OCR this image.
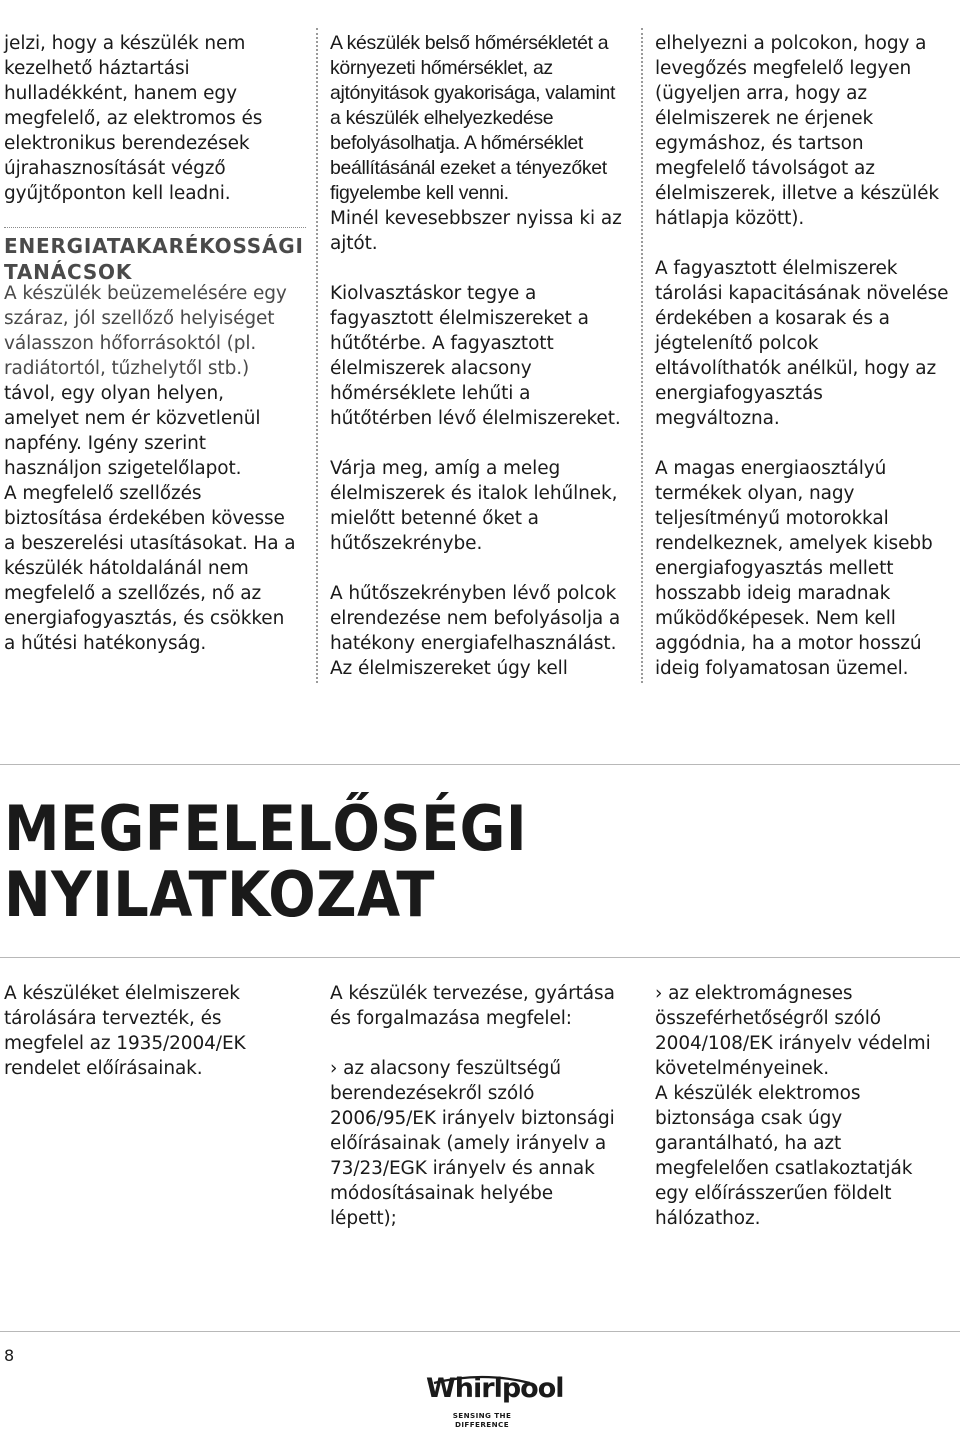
jelzi, hogy a készülék nem
kezelhető háztartási
hulladékként, hanem egy
megfelelő, az elektromos és
elektronikus berendezések
újrahasznosítását végző
gyűjtőponton kell leadni.

ENERGIATAKARÉKOSSÁGI
TANÁCSOK

A készülék beüzemelésére egy
száraz, jól szellőző helyiséget
válasszon hőforrásoktól (pl.
radiátortól, tűzhelytől stb.)

távol, egy olyan helyen,
amelyet nem ér közvetlenül
napfény. Igény szerint
használjon szigetelőlapot.
A megfelelő szellőzés
biztosítása érdekében kövesse
a beszerelési utasításokat. Ha a
készülék hátoldalánál nem
megfelelő a szellőzés, nő az
energiafogyasztás, és csökken
a hűtési hatékonyság.

A készülék belső hőmérsékletét a
környezeti hőmérséklet, az
ajtónyitások gyakorisága, valamint
a készülék elhelyezkedése
befolyásolhatja. A hőmérséklet
beállításánál ezeket a tényezőket
figyelembe kell venni.

Minél kevesebbszer nyissa ki az
ajtót.

Kiolvasztáskor tegye a
fagyasztott élelmiszereket a
hűtőtérbe. A fagyasztott
élelmiszerek alacsony
hőmérséklete lehűti a
hűtőtérben lévő élelmiszereket.

Várja meg, amíg a meleg
élelmiszerek és italok lehűlnek,
mielőtt betenné őket a
hűtőszekrénybe.

A hűtőszekrényben lévő polcok
elrendezése nem befolyásolja a
hatékony energiafelhasználást.
Az élelmiszereket úgy kell

elhelyezni a polcokon, hogy a
levegőzés megfelelő legyen
(ügyeljen arra, hogy az
élelmiszerek ne érjenek
egymáshoz, és tartson
megfelelő távolságot az
élelmiszerek, illetve a készülék
hátlapja között).

A fagyasztott élelmiszerek
tárolási kapacitásának növelése
érdekében a kosarak és a
jégtelenítő polcok
eltávolíthatók anélkül, hogy az
energiafogyasztás
megváltozna.

A magas energiaosztályú
termékek olyan, nagy
teljesítményű motorokkal
rendelkeznek, amelyek kisebb
energiafogyasztás mellett
hosszabb ideig maradnak
működőképesek. Nem kell
aggódnia, ha a motor hosszú
ideig folyamatosan üzemel.

MEGFELELŐSÉGI
NYILATKOZAT

A készüléket élelmiszerek
tárolására tervezték, és
megfelel az 1935/2004/EK
rendelet előírásainak.

A készülék tervezése, gyártása
és forgalmazása megfelel:

› az alacsony feszültségű
berendezésekről szóló
2006/95/EK irányelv biztonsági
előírásainak (amely irányelv a
73/23/EGK irányelv és annak
módosításainak helyébe
lépett);

› az elektromágneses
összeférhetőségről szóló
2004/108/EK irányelv védelmi
követelményeinek.

A készülék elektromos
biztonsága csak úgy
garantálható, ha azt
megfelelően csatlakoztatják
egy előírásszerűen földelt
hálózathoz.

8
Whirlpool
SENSING THE DIFFERENCE
